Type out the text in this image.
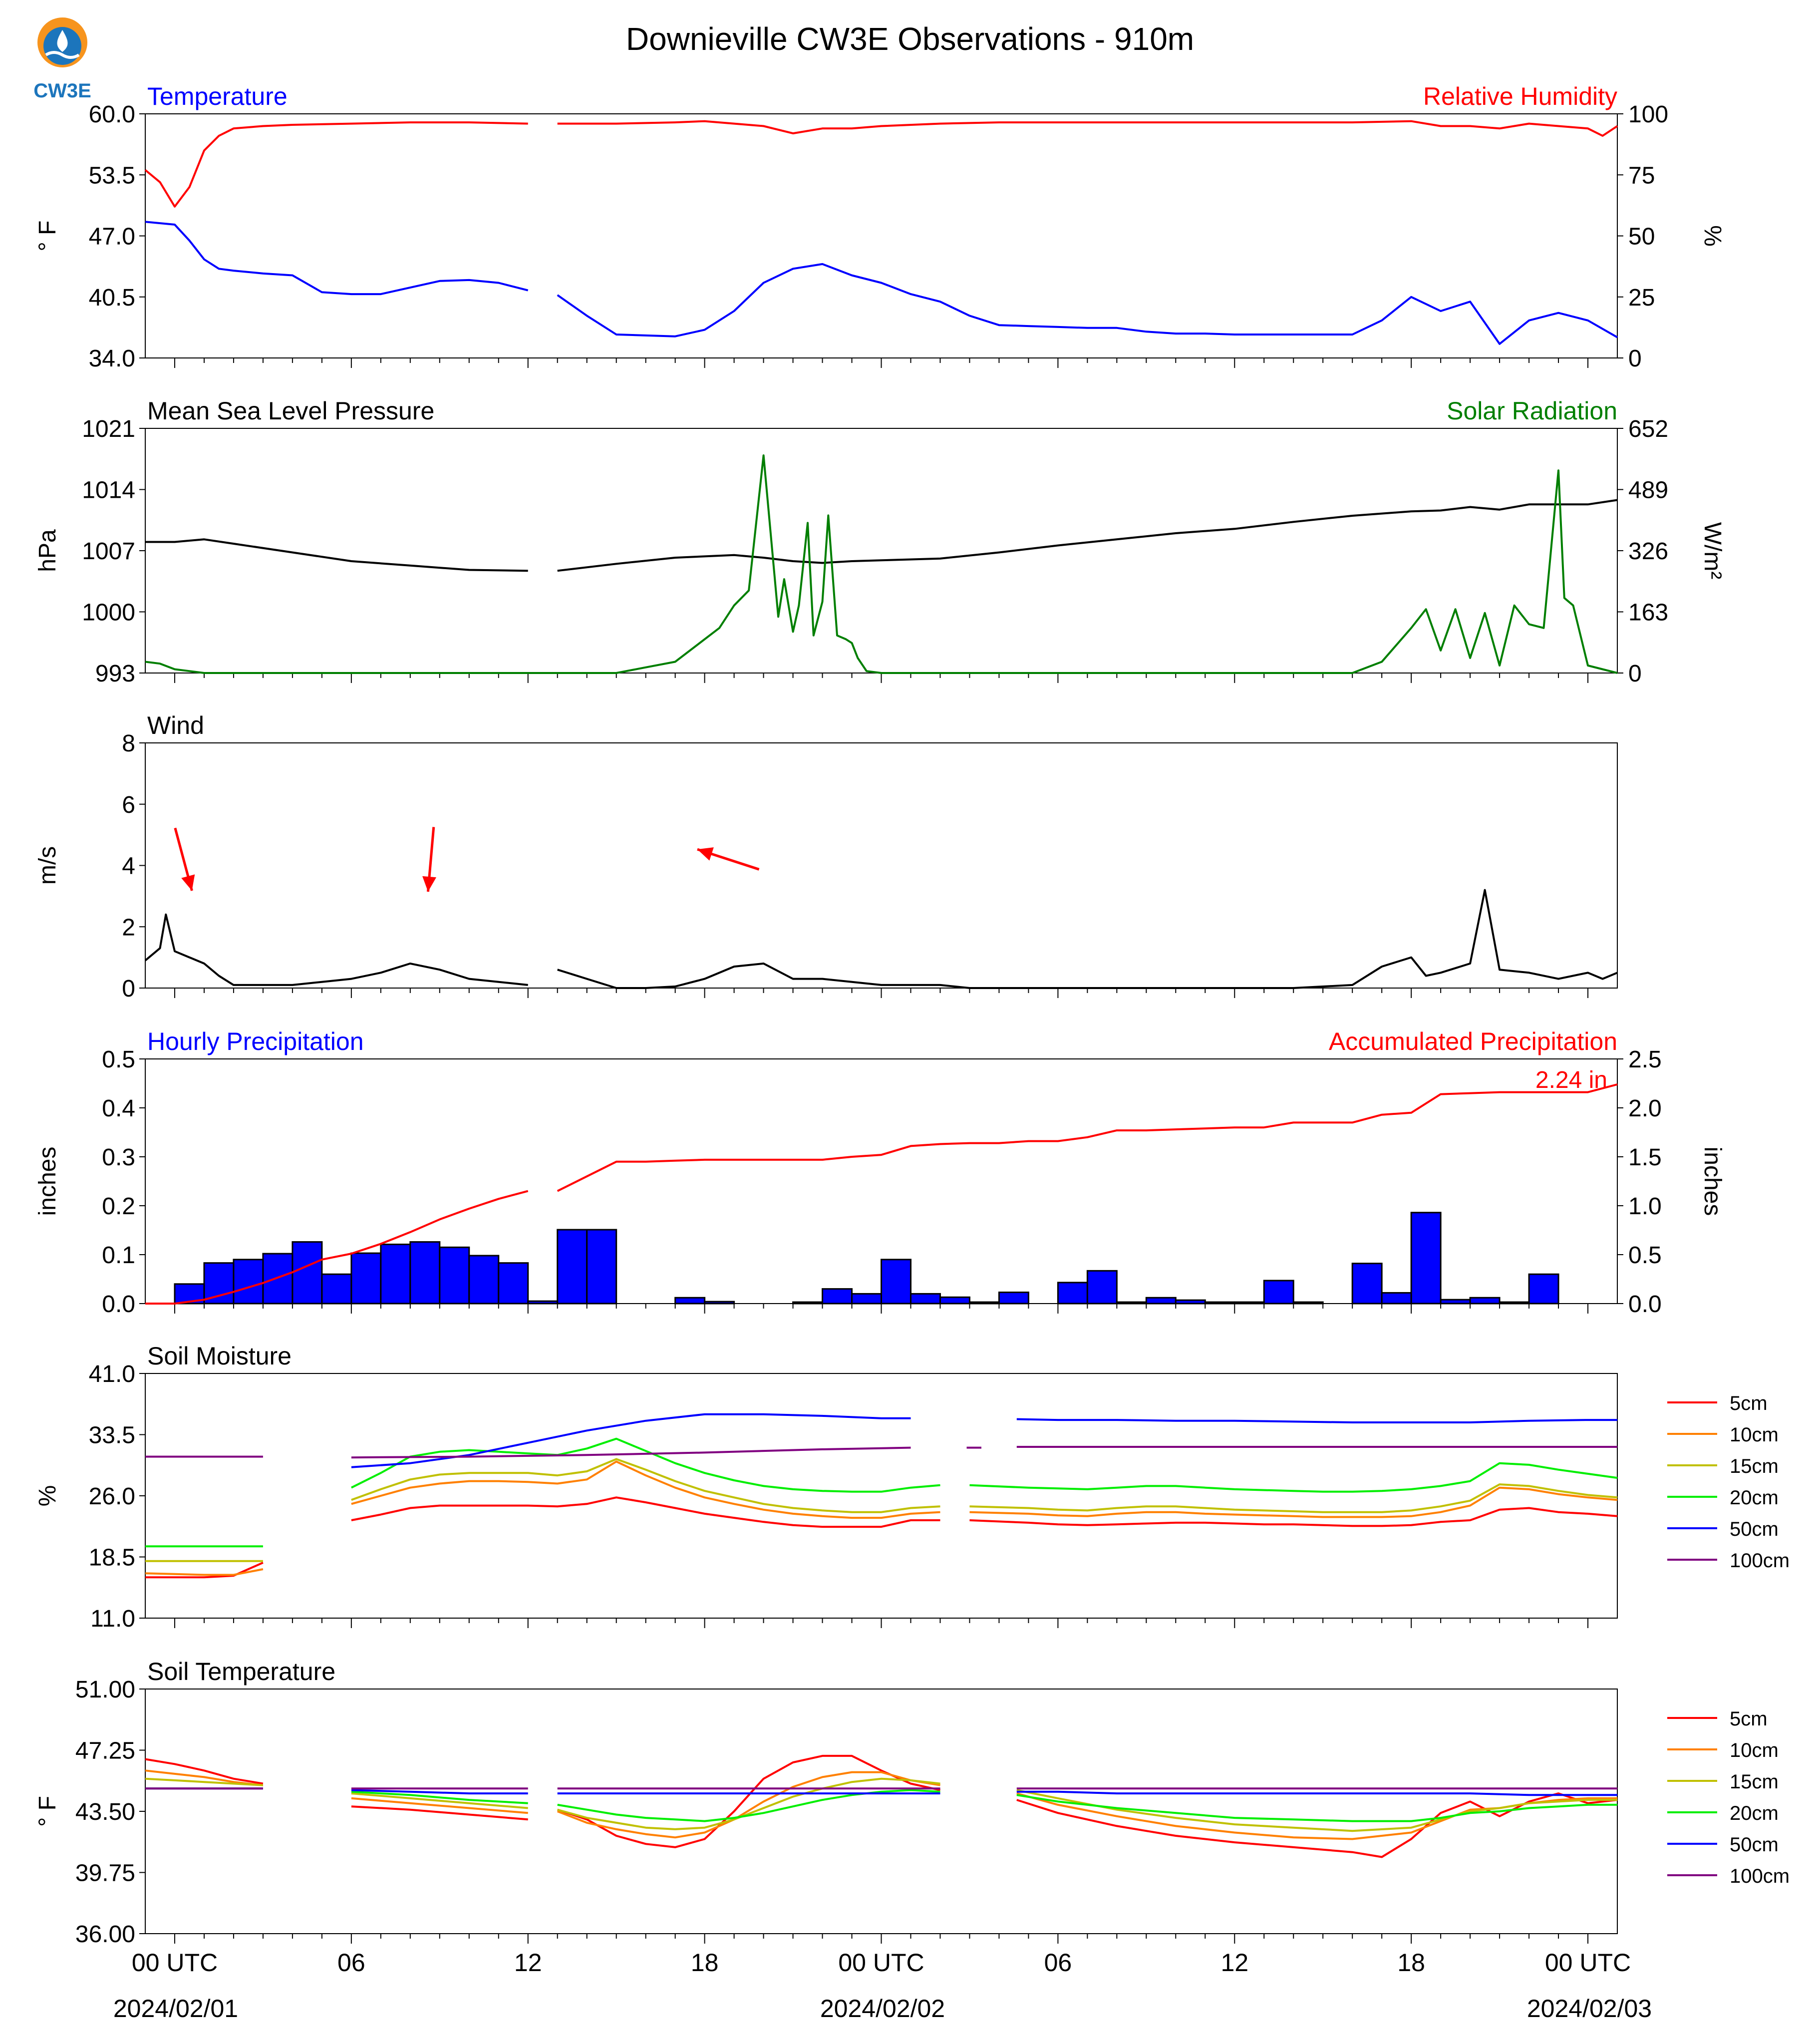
CW3E
Downieville CW3E Observations - 910m
Temperature	Relative Humidity
60.0
53.5
47.0
40.5
34.0
° F
100
75
50
25
0
%
Mean Sea Level Pressure	Solar Radiation
1021
1014
1007
1000
993
hPa
652
489
326
163
0
W/m²
Wind
8
6
4
2
0
m/s
Hourly Precipitation	Accumulated Precipitation
0.5
0.4
0.3
0.2
0.1
0.0
inches
2.5
2.0
1.5
1.0
0.5
0.0
inches
2.24 in
Soil Moisture
41.0
33.5
26.0
18.5
11.0
%
5cm
10cm
15cm
20cm
50cm
100cm
Soil Temperature
51.00
47.25
43.50
39.75
36.00
° F
00 UTC	06	12	18	00 UTC	06	12	18	00 UTC
5cm
10cm
15cm
20cm
50cm
100cm
2024/02/01	2024/02/02	2024/02/03
